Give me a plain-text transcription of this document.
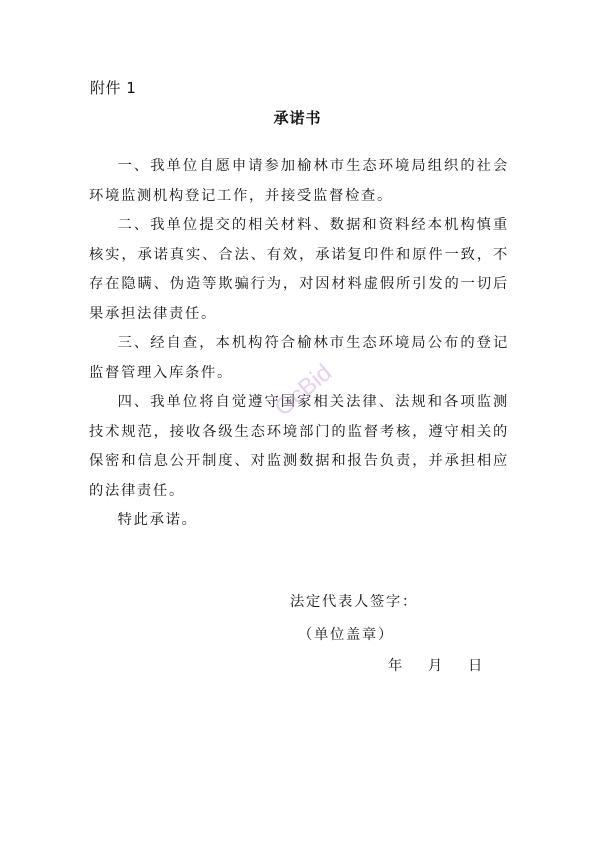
附件 1
承诺书

一、我单位自愿申请参加榆林市生态环境局组织的社会环境监测机构登记工作，并接受监督检查。

二、我单位提交的相关材料、数据和资料经本机构慎重核实，承诺真实、合法、有效，承诺复印件和原件一致，不存在隐瞒、伪造等欺骗行为，对因材料虚假所引发的一切后果承担法律责任。

三、经自查，本机构符合榆林市生态环境局公布的登记监督管理入库条件。

四、我单位将自觉遵守国家相关法律、法规和各项监测技术规范，接收各级生态环境部门的监督考核，遵守相关的保密和信息公开制度、对监测数据和报告负责，并承担相应的法律责任。

特此承诺。

法定代表人签字：
（单位盖章）
年 月 日
GcBid
